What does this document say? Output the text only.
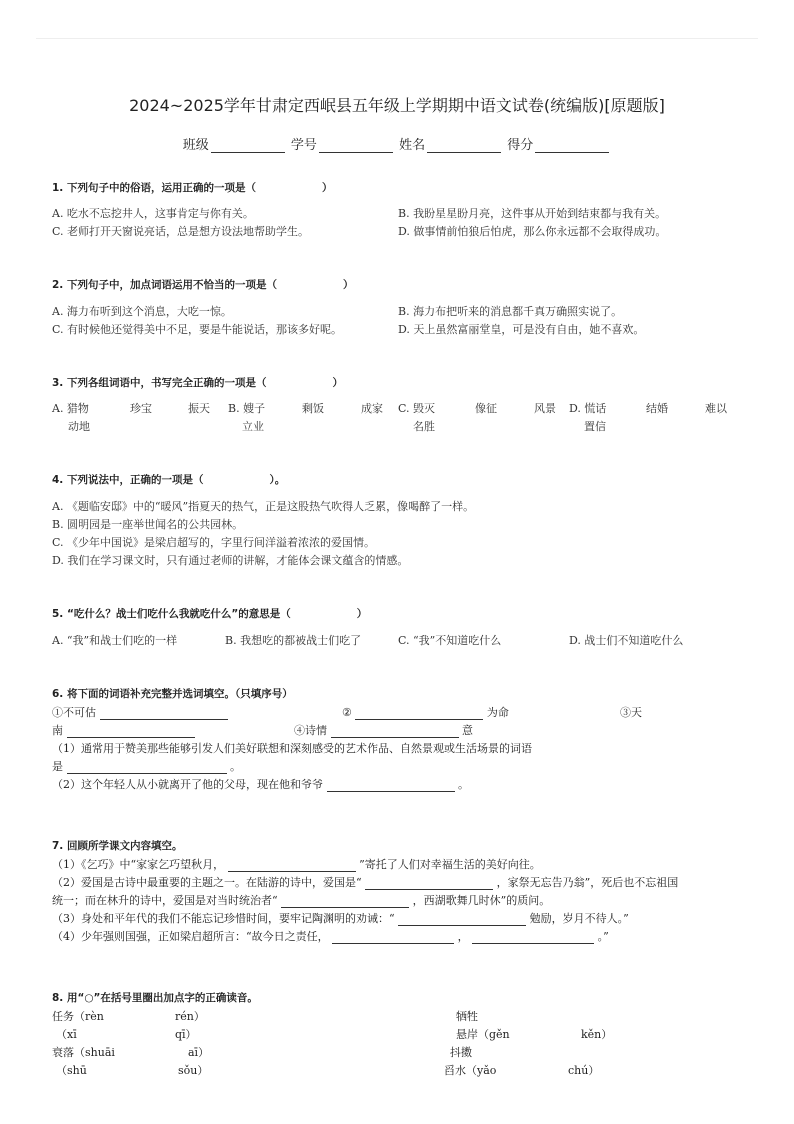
2024~2025学年甘肃定西岷县五年级上学期期中语文试卷(统编版)[原题版]
班级	学号	姓名	得分
1. 下列句子中的俗语，运用正确的一项是（	）
A. 吃水不忘挖井人，这事肯定与你有关。	B. 我盼星星盼月亮，这件事从开始到结束都与我有关。
C. 老师打开天窗说亮话，总是想方设法地帮助学生。	D. 做事情前怕狼后怕虎，那么你永远都不会取得成功。
2. 下列句子中，加点词语运用不恰当的一项是（	）
A. 海力布听到这个消息，大吃一惊。	B. 海力布把听来的消息都千真万确照实说了。
C. 有时候他还觉得美中不足，要是牛能说话，那该多好呢。	D. 天上虽然富丽堂皇，可是没有自由，她不喜欢。
3. 下列各组词语中，书写完全正确的一项是（	）
A. 猎物	珍宝	振天
动地
B. 嫂子	剩饭	成家
立业
C. 毁灭	像征	风景
名胜
D. 慌话	结婚	难以
置信
4. 下列说法中，正确的一项是（	）。
A. 《题临安邸》中的“暖风”指夏天的热气，正是这股热气吹得人乏累，像喝醉了一样。
B. 圆明园是一座举世闻名的公共园林。
C. 《少年中国说》是梁启超写的，字里行间洋溢着浓浓的爱国情。
D. 我们在学习课文时，只有通过老师的讲解，才能体会课文蕴含的情感。
5. “吃什么？战士们吃什么我就吃什么”的意思是（	）
A. “我”和战士们吃的一样	B. 我想吃的都被战士们吃了	C. “我”不知道吃什么	D. 战士们不知道吃什么
6. 将下面的词语补充完整并选词填空。（只填序号）
①不可估	②	为命	③天
南	④诗情	意
（1）通常用于赞美那些能够引发人们美好联想和深刻感受的艺术作品、自然景观或生活场景的词语
是	。
（2）这个年轻人从小就离开了他的父母，现在他和爷爷	。
7. 回顾所学课文内容填空。
（1）《乞巧》中“家家乞巧望秋月，	”寄托了人们对幸福生活的美好向往。
（2）爱国是古诗中最重要的主题之一。在陆游的诗中，爱国是“	，家祭无忘告乃翁”，死后也不忘祖国
统一；而在林升的诗中，爱国是对当时统治者“	，西湖歌舞几时休”的质问。
（3）身处和平年代的我们不能忘记珍惜时间，要牢记陶渊明的劝诫：“	勉励，岁月不待人。”
（4）少年强则国强，正如梁启超所言：“故今日之责任，	，	。”
8. 用“○”在括号里圈出加点字的正确读音。
任务（rèn	rén）	牺牲
（xī	qī）	悬岸（gěn	kěn）
衰落（shuāi	aī）	抖擞
（shū	sǒu）	舀水（yǎo	chú）
